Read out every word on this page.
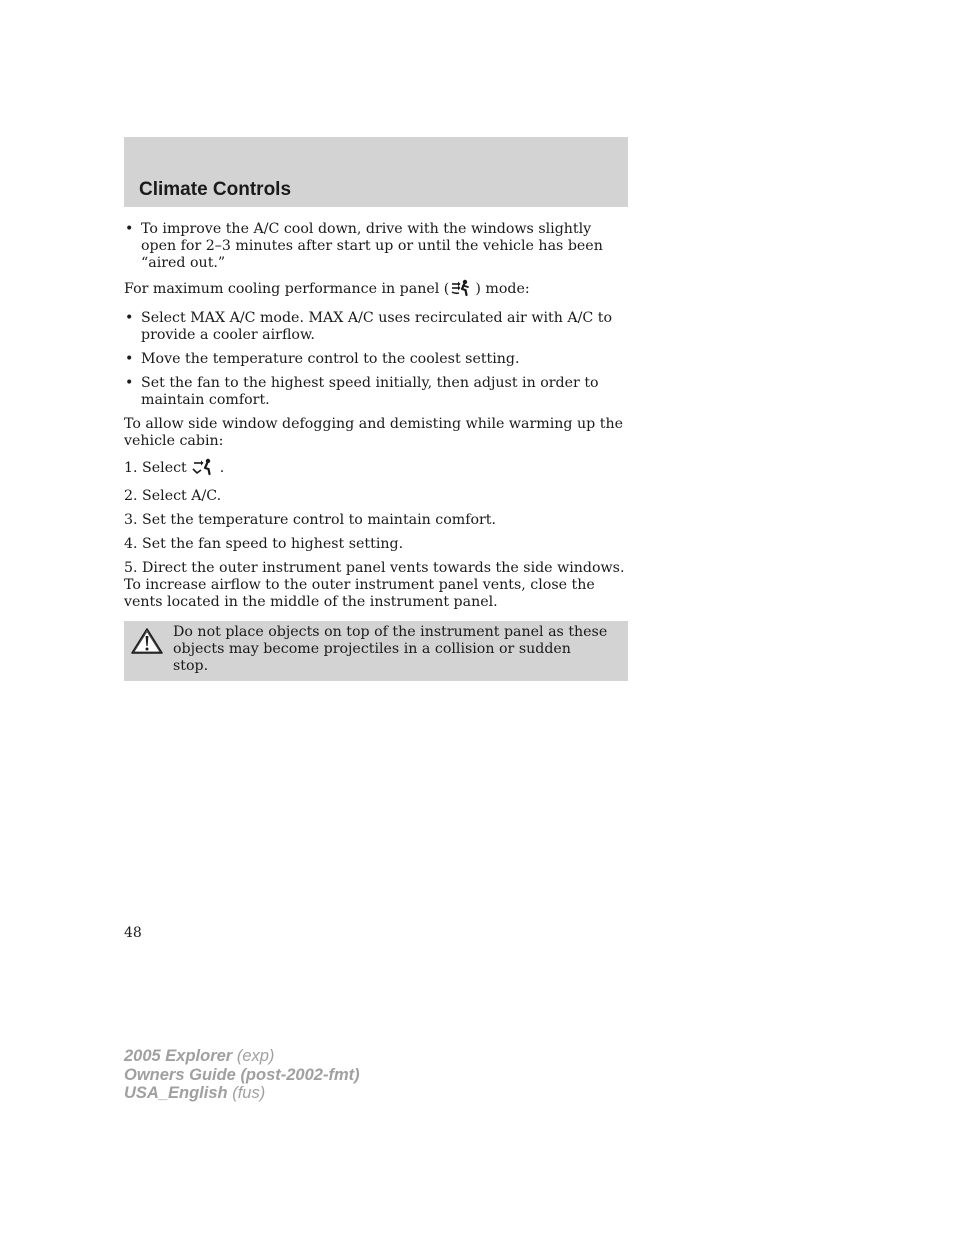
Climate Controls
• To improve the A/C cool down, drive with the windows slightly open for 2–3 minutes after start up or until the vehicle has been “aired out.”

For maximum cooling performance in panel ( ) mode:

• Select MAX A/C mode. MAX A/C uses recirculated air with A/C to provide a cooler airflow.
• Move the temperature control to the coolest setting.
• Set the fan to the highest speed initially, then adjust in order to maintain comfort.

To allow side window defogging and demisting while warming up the vehicle cabin:

1. Select .

2. Select A/C.

3. Set the temperature control to maintain comfort.

4. Set the fan speed to highest setting.

5. Direct the outer instrument panel vents towards the side windows. To increase airflow to the outer instrument panel vents, close the vents located in the middle of the instrument panel.

Do not place objects on top of the instrument panel as these objects may become projectiles in a collision or sudden stop.
48
2005 Explorer (exp)
Owners Guide (post-2002-fmt)
USA_English (fus)
